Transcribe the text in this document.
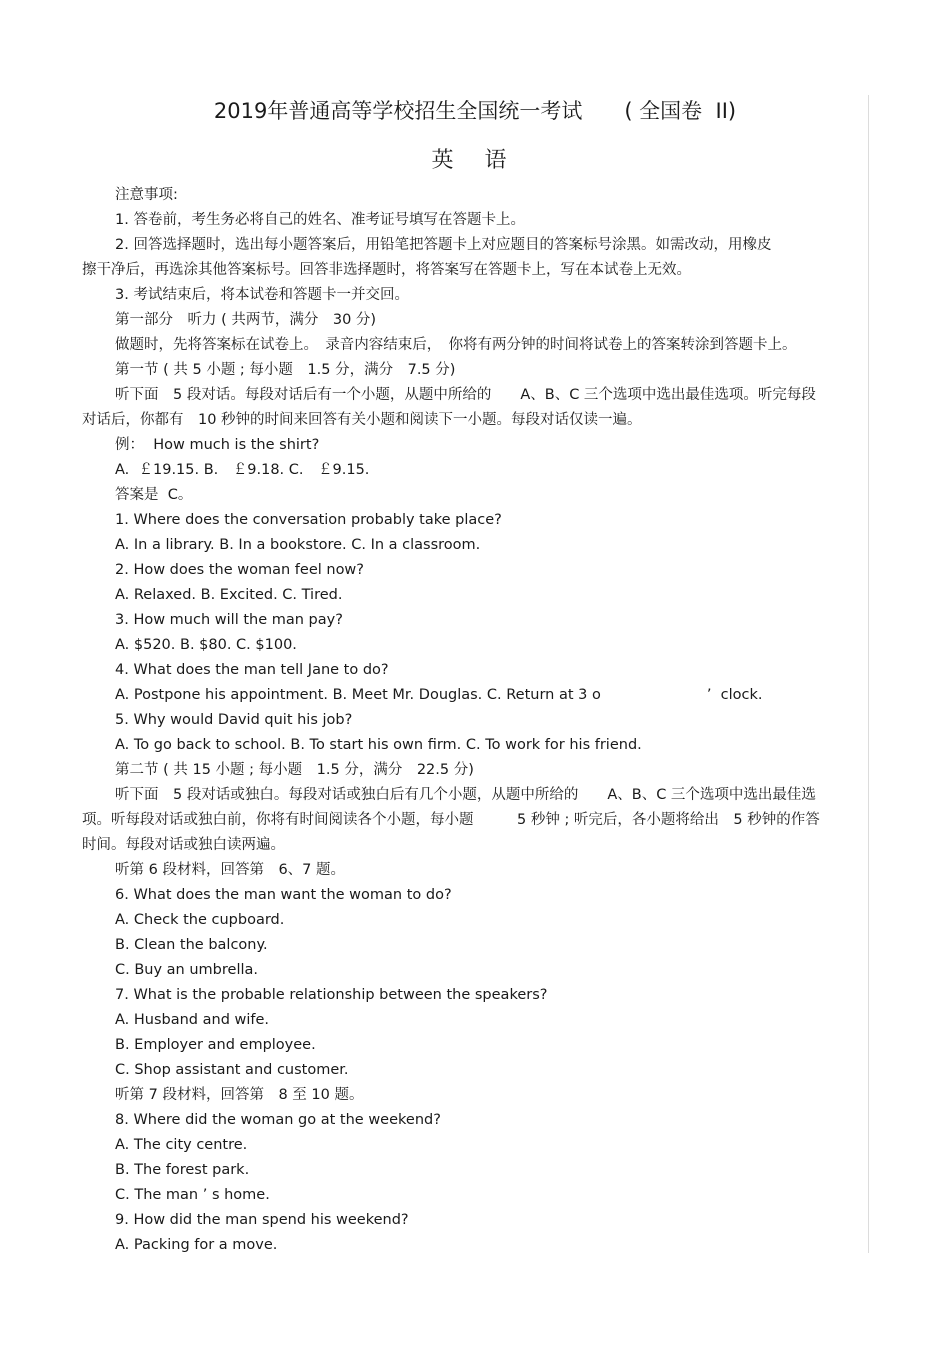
2019年普通高等学校招生全国统一考试　　( 全国卷  II)
英 语
注意事项:
1. 答卷前，考生务必将自己的姓名、准考证号填写在答题卡上。
2. 回答选择题时，选出每小题答案后，用铅笔把答题卡上对应题目的答案标号涂黑。如需改动，用橡皮
擦干净后，再选涂其他答案标号。回答非选择题时，将答案写在答题卡上，写在本试卷上无效。
3. 考试结束后，将本试卷和答题卡一并交回。
第一部分　听力 ( 共两节，满分　30 分)
做题时，先将答案标在试卷上。　录音内容结束后，　你将有两分钟的时间将试卷上的答案转涂到答题卡上。
第一节 ( 共 5 小题 ; 每小题　1.5 分，满分　7.5 分)
听下面　5 段对话。每段对话后有一个小题，从题中所给的　　A、B、C 三个选项中选出最佳选项。听完每段
对话后，你都有　10 秒钟的时间来回答有关小题和阅读下一小题。每段对话仅读一遍。
例：  How much is the shirt?
A.  ￡19.15. B.　￡9.18. C.　￡9.15.
答案是  C。
1. Where does the conversation probably take place?
A. In a library. B. In a bookstore. C. In a classroom.
2. How does the woman feel now?
A. Relaxed. B. Excited. C. Tired.
3. How much will the man pay?
A. $520. B. $80. C. $100.
4. What does the man tell Jane to do?
A. Postpone his appointment. B. Meet Mr. Douglas. C. Return at 3 o                       ’  clock.
5. Why would David quit his job?
A. To go back to school. B. To start his own firm. C. To work for his friend.
第二节 ( 共 15 小题 ; 每小题　1.5 分，满分　22.5 分)
听下面　5 段对话或独白。每段对话或独白后有几个小题，从题中所给的　　A、B、C 三个选项中选出最佳选
项。听每段对话或独白前，你将有时间阅读各个小题，每小题　　　5 秒钟 ; 听完后，各小题将给出　5 秒钟的作答
时间。每段对话或独白读两遍。
听第 6 段材料，回答第　6、7 题。
6. What does the man want the woman to do?
A. Check the cupboard.
B. Clean the balcony.
C. Buy an umbrella.
7. What is the probable relationship between the speakers?
A. Husband and wife.
B. Employer and employee.
C. Shop assistant and customer.
听第 7 段材料，回答第　8 至 10 题。
8. Where did the woman go at the weekend?
A. The city centre.
B. The forest park.
C. The man ’ s home.
9. How did the man spend his weekend?
A. Packing for a move.
